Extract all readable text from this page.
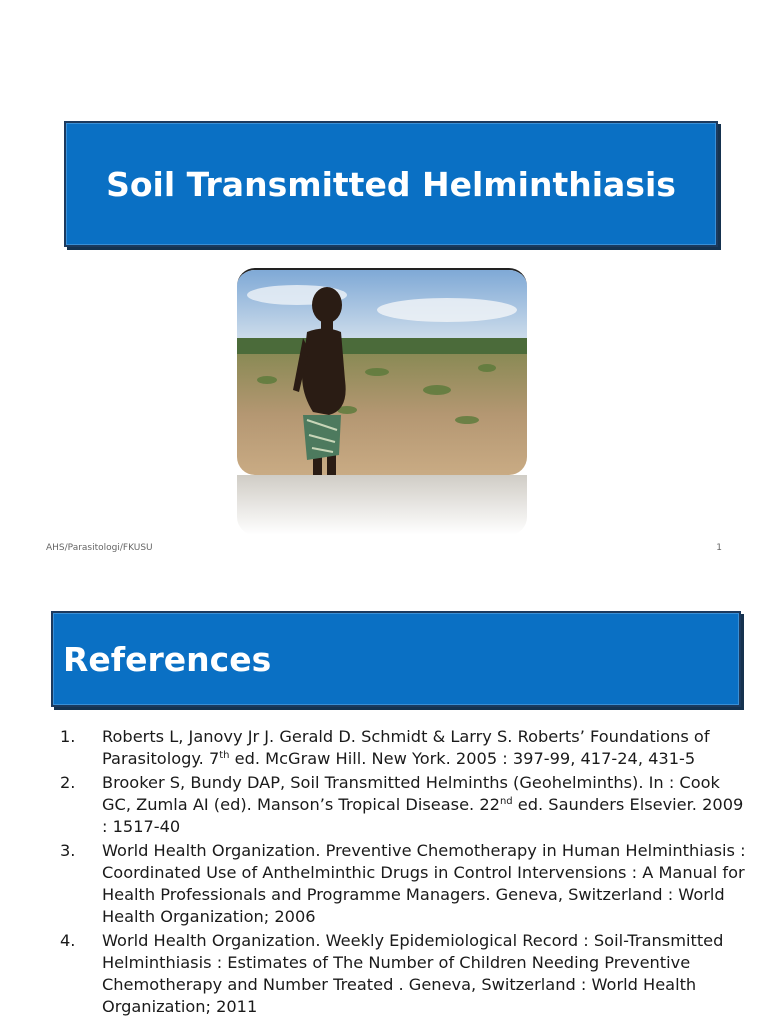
Soil Transmitted Helminthiasis
AHS/Parasitologi/FKUSU	1
References
1. Roberts L, Janovy Jr J. Gerald D. Schmidt & Larry S. Roberts’ Foundations of Parasitology. 7th ed. McGraw Hill. New York. 2005 : 397-99, 417-24, 431-5
2. Brooker S, Bundy DAP, Soil Transmitted Helminths (Geohelminths). In : Cook GC, Zumla AI (ed). Manson’s Tropical Disease. 22nd ed. Saunders Elsevier. 2009 : 1517-40
3. World Health Organization. Preventive Chemotherapy in Human Helminthiasis : Coordinated Use of Anthelminthic Drugs in Control Intervensions : A Manual for Health Professionals and Programme Managers. Geneva, Switzerland : World Health Organization; 2006
4. World Health Organization. Weekly Epidemiological Record : Soil-Transmitted Helminthiasis : Estimates of The Number of Children Needing Preventive Chemotherapy and Number Treated . Geneva, Switzerland : World Health Organization; 2011
